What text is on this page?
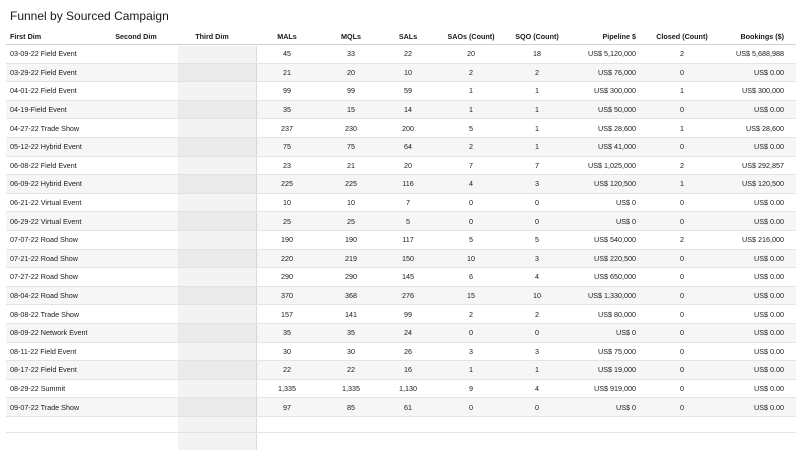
Funnel by Sourced Campaign
First Dim	Second Dim	Third Dim	MALs	MQLs	SALs	SAOs (Count)	SQO (Count)	Pipeline $	Closed (Count)	Bookings ($)
03-09-22 Field Event			45	33	22	20	18	US$ 5,120,000	2	US$ 5,688,988
03-29-22 Field Event			21	20	10	2	2	US$ 76,000	0	US$ 0.00
04-01-22 Field Event			99	99	59	1	1	US$ 300,000	1	US$ 300,000
04-19-Field Event			35	15	14	1	1	US$ 50,000	0	US$ 0.00
04-27-22 Trade Show			237	230	200	5	1	US$ 28,600	1	US$ 28,600
05-12-22 Hybrid Event			75	75	64	2	1	US$ 41,000	0	US$ 0.00
06-08-22 Field Event			23	21	20	7	7	US$ 1,025,000	2	US$ 292,857
06-09-22 Hybrid Event			225	225	116	4	3	US$ 120,500	1	US$ 120,500
06-21-22 Virtual Event			10	10	7	0	0	US$ 0	0	US$ 0.00
06-29-22 Virtual Event			25	25	5	0	0	US$ 0	0	US$ 0.00
07-07-22 Road Show			190	190	117	5	5	US$ 540,000	2	US$ 216,000
07-21-22 Road Show			220	219	150	10	3	US$ 220,500	0	US$ 0.00
07-27-22 Road Show			290	290	145	6	4	US$ 650,000	0	US$ 0.00
08-04-22 Road Show			370	368	276	15	10	US$ 1,330,000	0	US$ 0.00
08-08-22 Trade Show			157	141	99	2	2	US$ 80,000	0	US$ 0.00
08-09-22 Network Event			35	35	24	0	0	US$ 0	0	US$ 0.00
08-11-22 Field Event			30	30	26	3	3	US$ 75,000	0	US$ 0.00
08-17-22 Field Event			22	22	16	1	1	US$ 19,000	0	US$ 0.00
08-29-22 Summit			1,335	1,335	1,130	9	4	US$ 919,000	0	US$ 0.00
09-07-22 Trade Show			97	85	61	0	0	US$ 0	0	US$ 0.00
